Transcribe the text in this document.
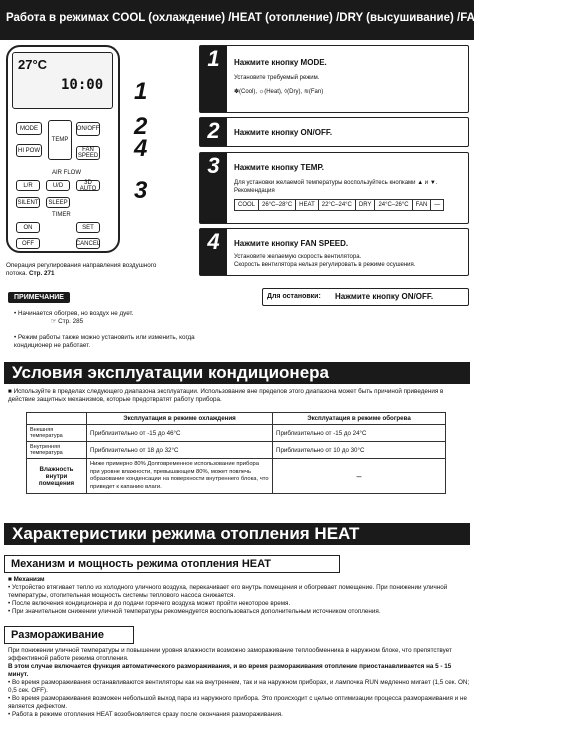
Работа в режимах COOL (охлаждение) /HEAT (отопление) /DRY (высушивание) /FAN (вентиляция)
27°C
10:00
MODE	ON/OFF
TEMP
HI POW	FAN SPEED
AIR FLOW
L/R	U/D	3D AUTO
SILENT	SLEEP
TIMER
ON	SET
OFF	CANCEL
1
2
4
3
Операция регулирования направления воздушного потока. Стр. 271
1	Нажмите кнопку MODE.
Установите требуемый режим.
✽(Cool), ☼(Heat), ◊(Dry), ≋(Fan)
2	Нажмите кнопку ON/OFF.
3	Нажмите кнопку TEMP.
Для установки желаемой температуры воспользуйтесь кнопками ▲ и ▼.
Рекомендация
COOL	26°C–28°C	HEAT	22°C–24°C	DRY	24°C–26°C	FAN	—
4	Нажмите кнопку FAN SPEED.
Установите желаемую скорость вентилятора.
Скорость вентилятора нельзя регулировать в режиме осушения.
Для остановки: Нажмите кнопку ON/OFF.
ПРИМЕЧАНИЕ
• Начинается обогрев, но воздух не дует.
☞ Стр. 285
• Режим работы также можно установить или изменить, когда кондиционер не работает.
Условия эксплуатации кондиционера
■ Используйте в пределах следующего диапазона эксплуатации. Использование вне пределов этого диапазона может быть причиной приведения в действие защитных механизмов, которые предотвратят работу прибора.
	Эксплуатация в режиме охлаждения	Эксплуатация в режиме обогрева
Внешняя температура	Приблизительно от -15 до 46°C	Приблизительно от -15 до 24°C
Внутренняя температура	Приблизительно от 18 до 32°C	Приблизительно от 10 до 30°C
Влажность внутри помещения	Ниже примерно 80% Долговременное использование прибора при уровне влажности, превышающем 80%, может повлечь образование конденсации на поверхности внутреннего блока, что приведет к капанию влаги.	–
Характеристики режима отопления HEAT
Механизм и мощность режима отопления HEAT
■ Механизм
• Устройство втягивает тепло из холодного уличного воздуха, перекачивает его внутрь помещения и обогревает помещение. При понижении уличной температуры, отопительная мощность системы теплового насоса снижается.
• После включения кондиционера и до подачи горячего воздуха может пройти некоторое время.
• При значительном снижении уличной температуры рекомендуется воспользоваться дополнительным источником отопления.
Размораживание
При понижении уличной температуры и повышении уровня влажности возможно замораживание теплообменника в наружном блоке, что препятствует эффективной работе режима отопления.
В этом случае включается функция автоматического размораживания, и во время размораживания отопление приостанавливается на 5 - 15 минут.
• Во время размораживания останавливаются вентиляторы как на внутреннем, так и на наружном приборах, и лампочка RUN медленно мигает (1,5 сек. ON; 0,5 сек. OFF).
• Во время размораживания возможен небольшой выход пара из наружного прибора. Это происходит с целью оптимизации процесса размораживания и не является дефектом.
• Работа в режиме отопления HEAT возобновляется сразу после окончания размораживания.
